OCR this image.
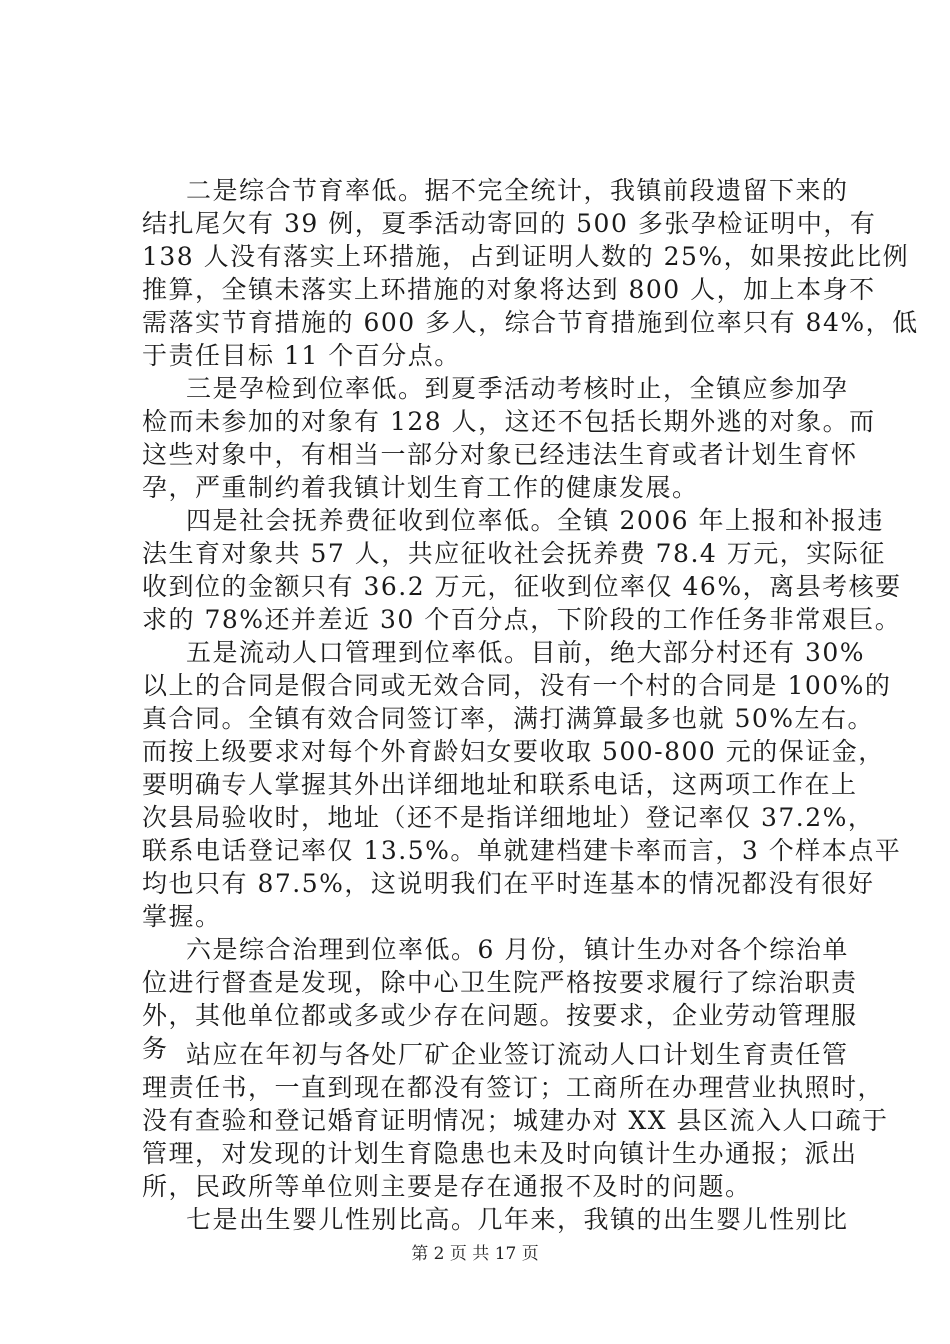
二是综合节育率低。据不完全统计，我镇前段遗留下来的
结扎尾欠有 39 例，夏季活动寄回的 500 多张孕检证明中，有
138 人没有落实上环措施，占到证明人数的 25%，如果按此比例
推算，全镇未落实上环措施的对象将达到 800 人，加上本身不
需落实节育措施的 600 多人，综合节育措施到位率只有 84%，低
于责任目标 11 个百分点。
三是孕检到位率低。到夏季活动考核时止，全镇应参加孕
检而未参加的对象有 128 人，这还不包括长期外逃的对象。而
这些对象中，有相当一部分对象已经违法生育或者计划生育怀
孕，严重制约着我镇计划生育工作的健康发展。
四是社会抚养费征收到位率低。全镇 2006 年上报和补报违
法生育对象共 57 人，共应征收社会抚养费 78.4 万元，实际征
收到位的金额只有 36.2 万元，征收到位率仅 46%，离县考核要
求的 78%还并差近 30 个百分点，下阶段的工作任务非常艰巨。
五是流动人口管理到位率低。目前，绝大部分村还有 30%
以上的合同是假合同或无效合同，没有一个村的合同是 100%的
真合同。全镇有效合同签订率，满打满算最多也就 50%左右。
而按上级要求对每个外育龄妇女要收取 500-800 元的保证金，
要明确专人掌握其外出详细地址和联系电话，这两项工作在上
次县局验收时，地址（还不是指详细地址）登记率仅 37.2%，
联系电话登记率仅 13.5%。单就建档建卡率而言，3 个样本点平
均也只有 87.5%，这说明我们在平时连基本的情况都没有很好
掌握。
六是综合治理到位率低。6 月份，镇计生办对各个综治单
位进行督查是发现，除中心卫生院严格按要求履行了综治职责
外，其他单位都或多或少存在问题。按要求，企业劳动管理服
务 站应在年初与各处厂矿企业签订流动人口计划生育责任管
理责任书，一直到现在都没有签订；工商所在办理营业执照时，
没有查验和登记婚育证明情况；城建办对 XX 县区流入人口疏于
管理，对发现的计划生育隐患也未及时向镇计生办通报；派出
所，民政所等单位则主要是存在通报不及时的问题。
七是出生婴儿性别比高。几年来，我镇的出生婴儿性别比
第 2 页 共 17 页
